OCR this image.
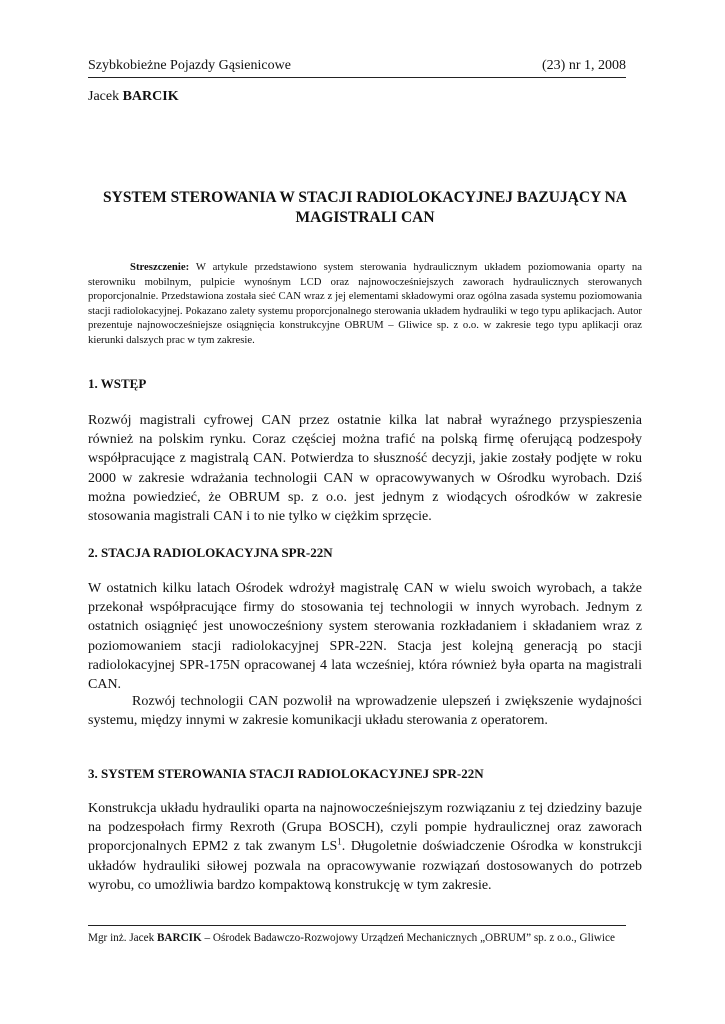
Szybkobieżne Pojazdy Gąsienicowe	(23) nr 1, 2008
Jacek BARCIK
SYSTEM STEROWANIA W STACJI RADIOLOKACYJNEJ BAZUJĄCY NA MAGISTRALI CAN
Streszczenie: W artykule przedstawiono system sterowania hydraulicznym układem poziomowania oparty na sterowniku mobilnym, pulpicie wynośnym LCD oraz najnowocześniejszych zaworach hydraulicznych sterowanych proporcjonalnie. Przedstawiona została sieć CAN wraz z jej elementami składowymi oraz ogólna zasada systemu poziomowania stacji radiolokacyjnej. Pokazano zalety systemu proporcjonalnego sterowania układem hydrauliki w tego typu aplikacjach. Autor prezentuje najnowocześniejsze osiągnięcia konstrukcyjne OBRUM – Gliwice sp. z o.o. w zakresie tego typu aplikacji oraz kierunki dalszych prac w tym zakresie.
1. WSTĘP

Rozwój magistrali cyfrowej CAN przez ostatnie kilka lat nabrał wyraźnego przyspieszenia również na polskim rynku. Coraz częściej można trafić na polską firmę oferującą podzespoły współpracujące z magistralą CAN. Potwierdza to słuszność decyzji, jakie zostały podjęte w roku 2000 w zakresie wdrażania technologii CAN w opracowywanych w Ośrodku wyrobach. Dziś można powiedzieć, że OBRUM sp. z o.o. jest jednym z wiodących ośrodków w zakresie stosowania magistrali CAN i to nie tylko w ciężkim sprzęcie.

2. STACJA RADIOLOKACYJNA SPR-22N

W ostatnich kilku latach Ośrodek wdrożył magistralę CAN w wielu swoich wyrobach, a także przekonał współpracujące firmy do stosowania tej technologii w innych wyrobach. Jednym z ostatnich osiągnięć jest unowocześniony system sterowania rozkładaniem i składaniem wraz z poziomowaniem stacji radiolokacyjnej SPR-22N. Stacja jest kolejną generacją po stacji radiolokacyjnej SPR-175N opracowanej 4 lata wcześniej, która również była oparta na magistrali CAN.

Rozwój technologii CAN pozwolił na wprowadzenie ulepszeń i zwiększenie wydajności systemu, między innymi w zakresie komunikacji układu sterowania z operatorem.

3. SYSTEM STEROWANIA STACJI RADIOLOKACYJNEJ SPR-22N

Konstrukcja układu hydrauliki oparta na najnowocześniejszym rozwiązaniu z tej dziedziny bazuje na podzespołach firmy Rexroth (Grupa BOSCH), czyli pompie hydraulicznej oraz zaworach proporcjonalnych EPM2 z tak zwanym $LS^1$. Długoletnie doświadczenie Ośrodka w konstrukcji układów hydrauliki siłowej pozwala na opracowywanie rozwiązań dostosowanych do potrzeb wyrobu, co umożliwia bardzo kompaktową konstrukcję w tym zakresie.

Mgr inż. Jacek BARCIK – Ośrodek Badawczo-Rozwojowy Urządzeń Mechanicznych „OBRUM” sp. z o.o., Gliwice
